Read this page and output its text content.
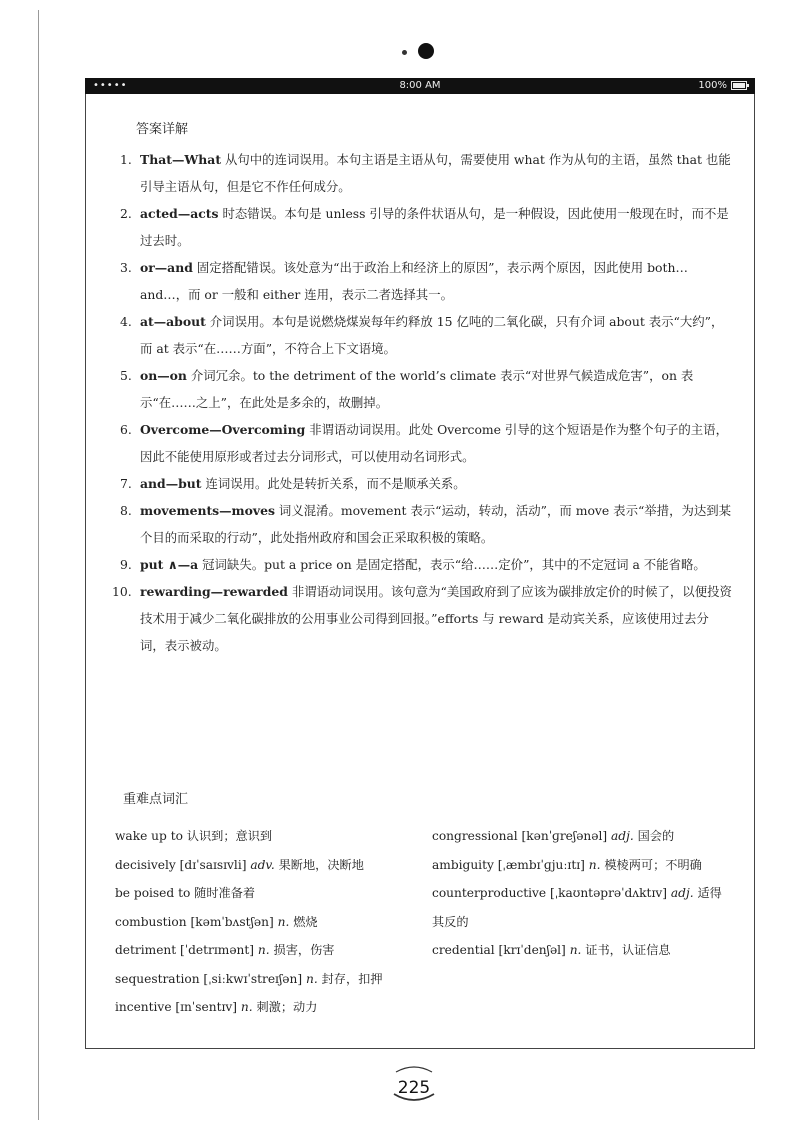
•••••	8:00 AM	100%
答案详解
1. That—What 从句中的连词误用。本句主语是主语从句，需要使用 what 作为从句的主语，虽然 that 也能引导主语从句，但是它不作任何成分。
2. acted—acts 时态错误。本句是 unless 引导的条件状语从句，是一种假设，因此使用一般现在时，而不是过去时。
3. or—and 固定搭配错误。该处意为“出于政治上和经济上的原因”，表示两个原因，因此使用 both…and…，而 or 一般和 either 连用，表示二者选择其一。
4. at—about 介词误用。本句是说燃烧煤炭每年约释放 15 亿吨的二氧化碳，只有介词 about 表示“大约”，而 at 表示“在……方面”，不符合上下文语境。
5. on—on 介词冗余。to the detriment of the world’s climate 表示“对世界气候造成危害”，on 表示“在……之上”，在此处是多余的，故删掉。
6. Overcome—Overcoming 非谓语动词误用。此处 Overcome 引导的这个短语是作为整个句子的主语，因此不能使用原形或者过去分词形式，可以使用动名词形式。
7. and—but 连词误用。此处是转折关系，而不是顺承关系。
8. movements—moves 词义混淆。movement 表示“运动，转动，活动”，而 move 表示“举措，为达到某个目的而采取的行动”，此处指州政府和国会正采取积极的策略。
9. put ∧—a 冠词缺失。put a price on 是固定搭配，表示“给……定价”，其中的不定冠词 a 不能省略。
10. rewarding—rewarded 非谓语动词误用。该句意为“美国政府到了应该为碳排放定价的时候了，以便投资技术用于减少二氧化碳排放的公用事业公司得到回报。”efforts 与 reward 是动宾关系，应该使用过去分词，表示被动。
重难点词汇
wake up to 认识到；意识到
decisively [dɪˈsaɪsɪvli] adv. 果断地，决断地
be poised to 随时准备着
combustion [kəmˈbʌstʃən] n. 燃烧
detriment [ˈdetrɪmənt] n. 损害，伤害
sequestration [ˌsiːkwɪˈstreɪʃən] n. 封存，扣押
incentive [ɪnˈsentɪv] n. 刺激；动力
congressional [kənˈɡreʃənəl] adj. 国会的
ambiguity [ˌæmbɪˈɡjuːɪtɪ] n. 模棱两可；不明确
counterproductive [ˌkaʊntəprəˈdʌktɪv] adj. 适得其反的
credential [krɪˈdenʃəl] n. 证书，认证信息
225
